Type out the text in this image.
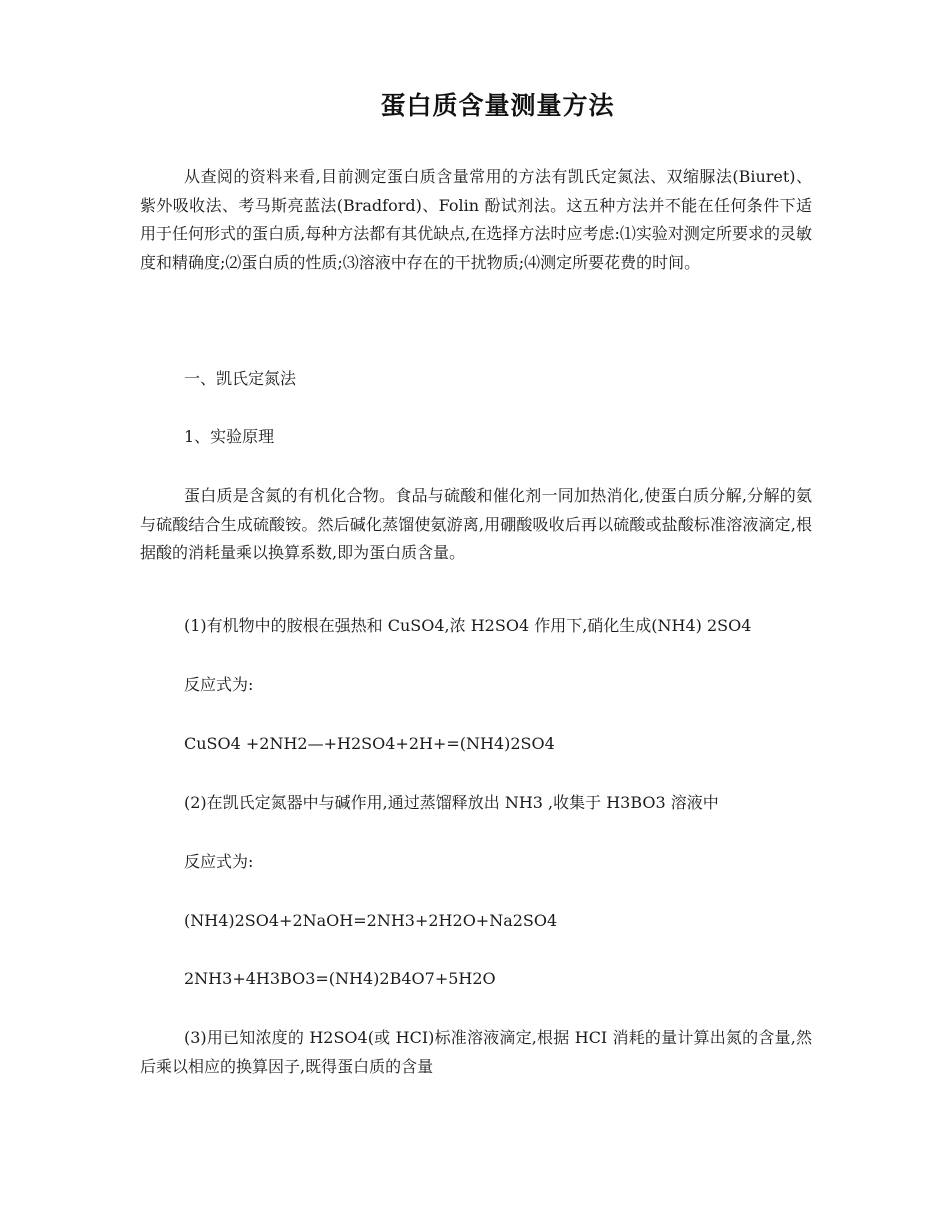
蛋白质含量测量方法
从查阅的资料来看,目前测定蛋白质含量常用的方法有凯氏定氮法、双缩脲法(Biuret)、紫外吸收法、考马斯亮蓝法(Bradford)、Folin 酚试剂法。这五种方法并不能在任何条件下适用于任何形式的蛋白质,每种方法都有其优缺点,在选择方法时应考虑:⑴实验对测定所要求的灵敏度和精确度;⑵蛋白质的性质;⑶溶液中存在的干扰物质;⑷测定所要花费的时间。
一、凯氏定氮法
1、实验原理
蛋白质是含氮的有机化合物。食品与硫酸和催化剂一同加热消化,使蛋白质分解,分解的氨与硫酸结合生成硫酸铵。然后碱化蒸馏使氨游离,用硼酸吸收后再以硫酸或盐酸标准溶液滴定,根据酸的消耗量乘以换算系数,即为蛋白质含量。
(1)有机物中的胺根在强热和 CuSO4,浓 H2SO4 作用下,硝化生成(NH4) 2SO4
反应式为:
CuSO4 +2NH2—+H2SO4+2H+=(NH4)2SO4
(2)在凯氏定氮器中与碱作用,通过蒸馏释放出 NH3 ,收集于 H3BO3 溶液中
反应式为:
(NH4)2SO4+2NaOH=2NH3+2H2O+Na2SO4
2NH3+4H3BO3=(NH4)2B4O7+5H2O
(3)用已知浓度的 H2SO4(或 HCI)标准溶液滴定,根据 HCI 消耗的量计算出氮的含量,然后乘以相应的换算因子,既得蛋白质的含量
